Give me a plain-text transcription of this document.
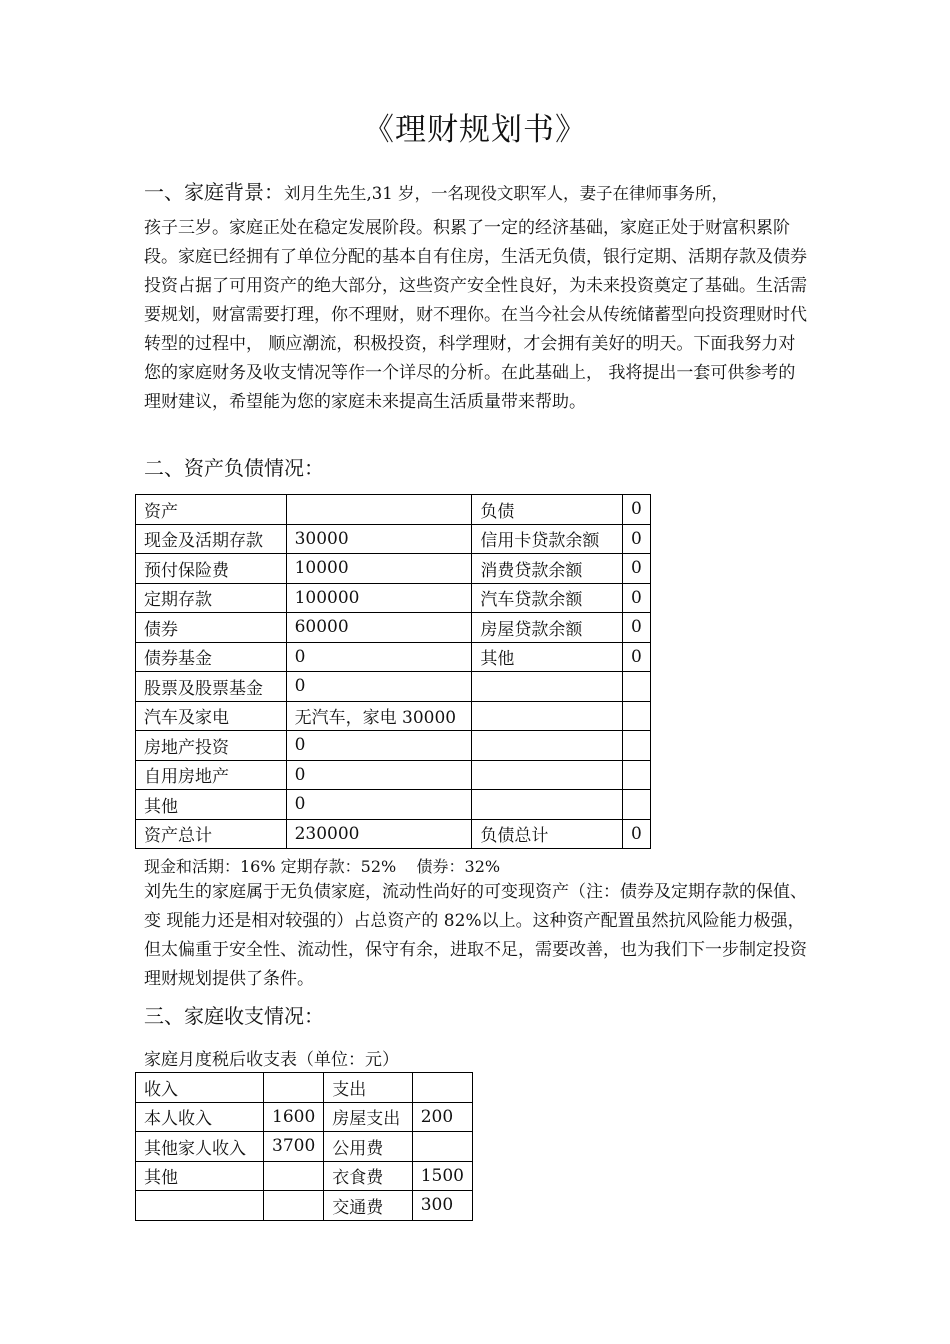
《理财规划书》
一、家庭背景：刘月生先生,31 岁，一名现役文职军人，妻子在律师事务所，
孩子三岁。家庭正处在稳定发展阶段。积累了一定的经济基础，家庭正处于财富积累阶段。家庭已经拥有了单位分配的基本自有住房，生活无负债，银行定期、活期存款及债券投资占据了可用资产的绝大部分，这些资产安全性良好，为未来投资奠定了基础。生活需要规划，财富需要打理，你不理财，财不理你。在当今社会从传统储蓄型向投资理财时代转型的过程中， 顺应潮流，积极投资，科学理财，才会拥有美好的明天。下面我努力对您的家庭财务及收支情况等作一个详尽的分析。在此基础上， 我将提出一套可供参考的理财建议，希望能为您的家庭未来提高生活质量带来帮助。
二、资产负债情况：
资产		负债	0
现金及活期存款	30000	信用卡贷款余额	0
预付保险费	10000	消费贷款余额	0
定期存款	100000	汽车贷款余额	0
债券	60000	房屋贷款余额	0
债券基金	0	其他	0
股票及股票基金	0		
汽车及家电	无汽车，家电 30000		
房地产投资	0		
自用房地产	0		
其他	0		
资产总计	230000	负债总计	0
现金和活期：16% 定期存款：52%    债券：32%
刘先生的家庭属于无负债家庭，流动性尚好的可变现资产（注：债券及定期存款的保值、变 现能力还是相对较强的）占总资产的 82%以上。这种资产配置虽然抗风险能力极强，但太偏重于安全性、流动性，保守有余，进取不足，需要改善，也为我们下一步制定投资理财规划提供了条件。
三、家庭收支情况：
家庭月度税后收支表（单位：元）
收入		支出	
本人收入	1600	房屋支出	200
其他家人收入	3700	公用费	
其他		衣食费	1500
		交通费	300
